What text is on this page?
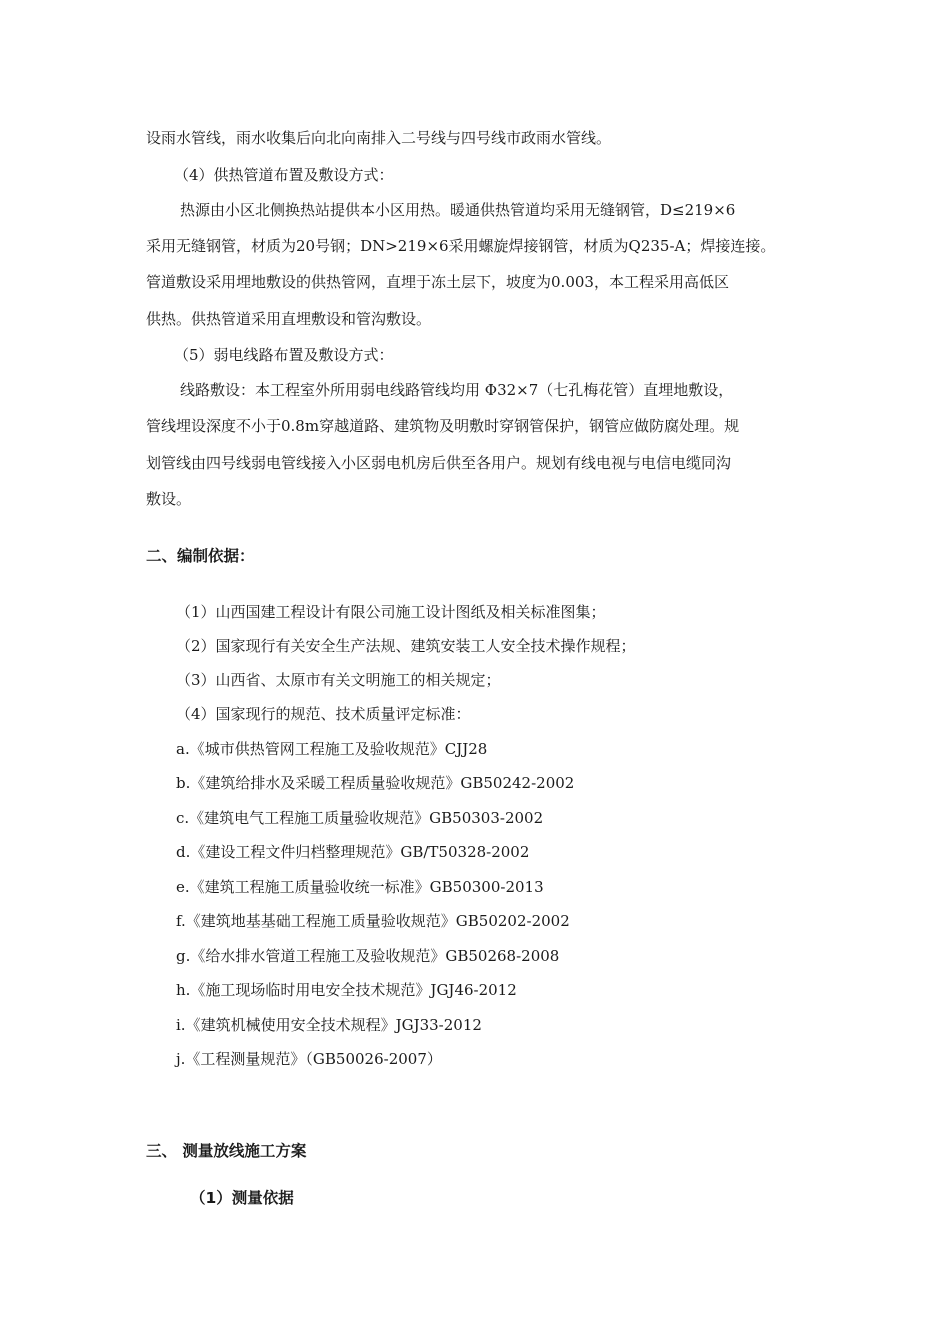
设雨水管线，雨水收集后向北向南排入二号线与四号线市政雨水管线。
（4）供热管道布置及敷设方式：
热源由小区北侧换热站提供本小区用热。暖通供热管道均采用无缝钢管，D≤219×6
采用无缝钢管，材质为20号钢；DN>219×6采用螺旋焊接钢管，材质为Q235-A；焊接连接。
管道敷设采用埋地敷设的供热管网，直埋于冻土层下，坡度为0.003，本工程采用高低区
供热。供热管道采用直埋敷设和管沟敷设。
（5）弱电线路布置及敷设方式：
线路敷设：本工程室外所用弱电线路管线均用 Φ32×7（七孔梅花管）直埋地敷设，
管线埋设深度不小于0.8m穿越道路、建筑物及明敷时穿钢管保护，钢管应做防腐处理。规
划管线由四号线弱电管线接入小区弱电机房后供至各用户。规划有线电视与电信电缆同沟
敷设。
二、编制依据：
（1）山西国建工程设计有限公司施工设计图纸及相关标准图集；
（2）国家现行有关安全生产法规、建筑安装工人安全技术操作规程；
（3）山西省、太原市有关文明施工的相关规定；
（4）国家现行的规范、技术质量评定标准：
a.《城市供热管网工程施工及验收规范》CJJ28
b.《建筑给排水及采暖工程质量验收规范》GB50242-2002
c.《建筑电气工程施工质量验收规范》GB50303-2002
d.《建设工程文件归档整理规范》GB/T50328-2002
e.《建筑工程施工质量验收统一标准》GB50300-2013
f.《建筑地基基础工程施工质量验收规范》GB50202-2002
g.《给水排水管道工程施工及验收规范》GB50268-2008
h.《施工现场临时用电安全技术规范》JGJ46-2012
i.《建筑机械使用安全技术规程》JGJ33-2012
j.《工程测量规范》（GB50026-2007）
三、 测量放线施工方案
（1）测量依据
